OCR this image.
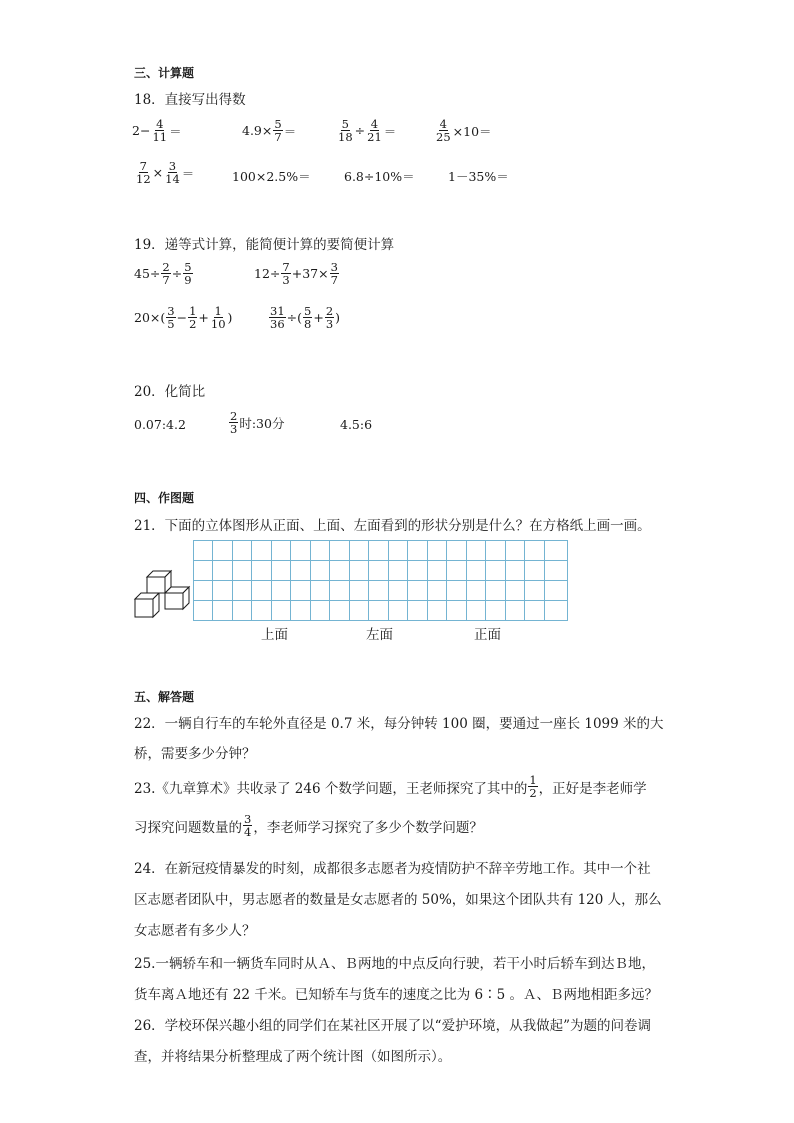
三、计算题
18．直接写出得数
$2- \frac{4}{11}$ ＝	$4.9\times \frac{5}{7}$ ＝	$\frac{5}{18} \div \frac{4}{21}$ ＝	$\frac{4}{25} \times 10=$
$\frac{7}{12} \times \frac{3}{14}$ ＝	100×2.5%＝	6.8÷10%＝	1－35%＝
19．递等式计算，能简便计算的要简便计算
$45\div \frac{2}{7} \div \frac{5}{9}$	$12\div \frac{7}{3} +37\times \frac{3}{7}$
$20\times( \frac{3}{5} - \frac{1}{2} + \frac{1}{10}$ )	$\frac{31}{36}$ ÷( $\frac{5}{8} + \frac{2}{3}$ )
20．化简比
0.07:4.2	$\frac{2}{3}$ 时:30分	4.5:6
四、作图题
21．下面的立体图形从正面、上面、左面看到的形状分别是什么？在方格纸上画一画。
上面	左面	正面
五、解答题
22．一辆自行车的车轮外直径是 0.7 米，每分钟转 100 圈，要通过一座长 1099 米的大
桥，需要多少分钟？
23.《九章算术》共收录了 246 个数学问题，王老师探究了其中的 $\frac{1}{2}$ ，正好是李老师学
习探究问题数量的 $\frac{3}{4}$ ，李老师学习探究了多少个数学问题？
24．在新冠疫情暴发的时刻，成都很多志愿者为疫情防护不辞辛劳地工作。其中一个社
区志愿者团队中，男志愿者的数量是女志愿者的 50%，如果这个团队共有 120 人，那么
女志愿者有多少人？
25.一辆轿车和一辆货车同时从Ａ、Ｂ两地的中点反向行驶，若干小时后轿车到达Ｂ地，
货车离Ａ地还有 22 千米。已知轿车与货车的速度之比为 6∶5 。Ａ、Ｂ两地相距多远？
26．学校环保兴趣小组的同学们在某社区开展了以“爱护环境，从我做起”为题的问卷调
查，并将结果分析整理成了两个统计图（如图所示）。
